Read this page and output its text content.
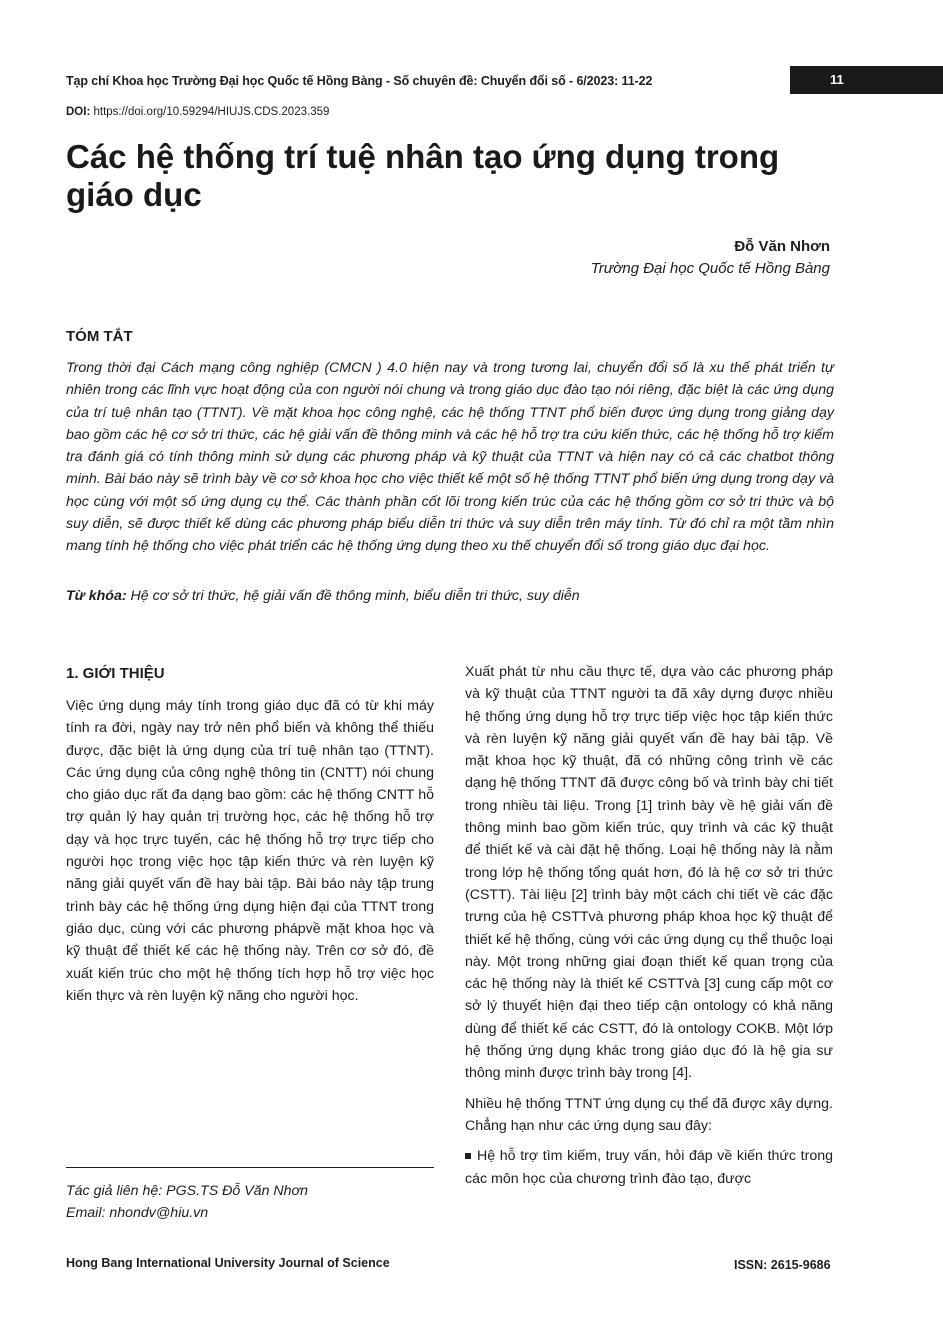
Tạp chí Khoa học Trường Đại học Quốc tế Hồng Bàng - Số chuyên đề: Chuyển đổi số - 6/2023: 11-22	11
DOI: https://doi.org/10.59294/HIUJS.CDS.2023.359
Các hệ thống trí tuệ nhân tạo ứng dụng trong giáo dục
Đỗ Văn Nhơn
Trường Đại học Quốc tế Hồng Bàng
TÓM TẮT

Trong thời đại Cách mạng công nghiệp (CMCN ) 4.0 hiện nay và trong tương lai, chuyển đổi số là xu thế phát triển tự nhiên trong các lĩnh vực hoạt động của con người nói chung và trong giáo dục đào tạo nói riêng, đặc biệt là các ứng dụng của trí tuệ nhân tạo (TTNT). Về mặt khoa học công nghệ, các hệ thống TTNT phổ biến được ứng dụng trong giảng dạy bao gồm các hệ cơ sở tri thức, các hệ giải vấn đề thông minh và các hệ hỗ trợ tra cứu kiến thức, các hệ thống hỗ trợ kiểm tra đánh giá có tính thông minh sử dụng các phương pháp và kỹ thuật của TTNT và hiện nay có cả các chatbot thông minh. Bài báo này sẽ trình bày về cơ sở khoa học cho việc thiết kế một số hệ thống TTNT phổ biến ứng dụng trong dạy và học cùng với một số ứng dụng cụ thể. Các thành phần cốt lõi trong kiến trúc của các hệ thống gồm cơ sở tri thức và bộ suy diễn, sẽ được thiết kế dùng các phương pháp biểu diễn tri thức và suy diễn trên máy tính. Từ đó chỉ ra một tầm nhìn mang tính hệ thống cho việc phát triển các hệ thống ứng dụng theo xu thế chuyển đổi số trong giáo dục đại học.

Từ khóa: Hệ cơ sở tri thức, hệ giải vấn đề thông minh, biểu diễn tri thức, suy diễn
1. GIỚI THIỆU

Việc ứng dụng máy tính trong giáo dục đã có từ khi máy tính ra đời, ngày nay trở nên phổ biến và không thể thiếu được, đặc biệt là ứng dụng của trí tuệ nhân tạo (TTNT). Các ứng dụng của công nghệ thông tin (CNTT) nói chung cho giáo dục rất đa dạng bao gồm: các hệ thống CNTT hỗ trợ quản lý hay quản trị trường học, các hệ thống hỗ trợ dạy và học trực tuyến, các hệ thống hỗ trợ trực tiếp cho người học trong việc học tập kiến thức và rèn luyện kỹ năng giải quyết vấn đề hay bài tập. Bài báo này tập trung trình bày các hệ thống ứng dụng hiện đại của TTNT trong giáo dục, cùng với các phương phápvề mặt khoa học và kỹ thuật để thiết kế các hệ thống này. Trên cơ sở đó, đề xuất kiến trúc cho một hệ thống tích hợp hỗ trợ việc học kiến thực và rèn luyện kỹ năng cho người học.

Xuất phát từ nhu cầu thực tế, dựa vào các phương pháp và kỹ thuật của TTNT người ta đã xây dựng được nhiều hệ thống ứng dụng hỗ trợ trực tiếp việc học tập kiến thức và rèn luyện kỹ năng giải quyết vấn đề hay bài tập. Về mặt khoa học kỹ thuật, đã có những công trình về các dạng hệ thống TTNT đã được công bố và trình bày chi tiết trong nhiều tài liệu. Trong [1] trình bày về hệ giải vấn đề thông minh bao gồm kiến trúc, quy trình và các kỹ thuật để thiết kế và cài đặt hệ thống. Loại hệ thống này là nằm trong lớp hệ thống tổng quát hơn, đó là hệ cơ sở tri thức (CSTT). Tài liệu [2] trình bày một cách chi tiết về các đặc trưng của hệ CSTTvà phương pháp khoa học kỹ thuật để thiết kế hệ thống, cùng với các ứng dụng cụ thể thuộc loại này. Một trong những giai đoạn thiết kế quan trọng của các hệ thống này là thiết kế CSTTvà [3] cung cấp một cơ sở lý thuyết hiện đại theo tiếp cận ontology có khả năng dùng để thiết kế các CSTT, đó là ontology COKB. Một lớp hệ thống ứng dụng khác trong giáo dục đó là hệ gia sư thông minh được trình bày trong [4].

Nhiều hệ thống TTNT ứng dụng cụ thể đã được xây dựng. Chẳng hạn như các ứng dụng sau đây:

Hệ hỗ trợ tìm kiếm, truy vấn, hỏi đáp về kiến thức trong các môn học của chương trình đào tạo, được
Tác giả liên hệ: PGS.TS Đỗ Văn Nhơn
Email: nhondv@hiu.vn
Hong Bang International University Journal of Science	ISSN: 2615-9686
